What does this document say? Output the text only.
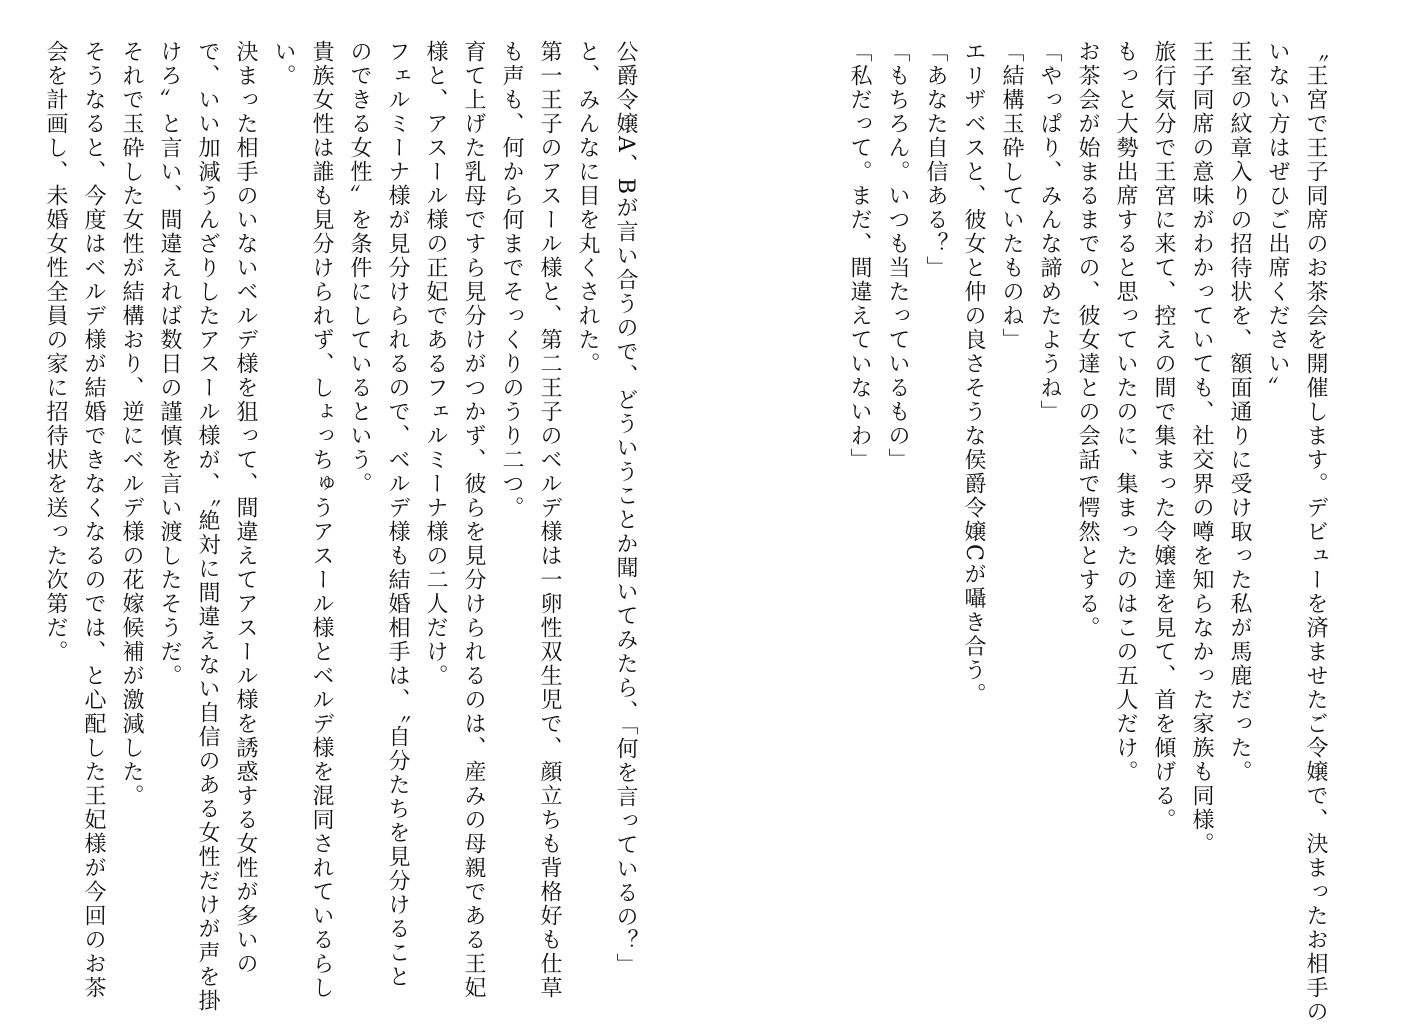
〝王宮で王子同席のお茶会を開催します。デビューを済ませたご令嬢で、決まったお相手の
いない方はぜひご出席ください〟
王室の紋章入りの招待状を、額面通りに受け取った私が馬鹿だった。
王子同席の意味がわかっていても、社交界の噂を知らなかった家族も同様。
旅行気分で王宮に来て、控えの間で集まった令嬢達を見て、首を傾げる。
もっと大勢出席すると思っていたのに、集まったのはこの五人だけ。
お茶会が始まるまでの、彼女達との会話で愕然とする。
「やっぱり、みんな諦めたようね」
「結構玉砕していたものね」
エリザベスと、彼女と仲の良さそうな侯爵令嬢Cが囁き合う。
「あなた自信ある？」
「もちろん。いつも当たっているもの」
「私だって。まだ、間違えていないわ」
公爵令嬢A、Bが言い合うので、どういうことか聞いてみたら、「何を言っているの？」
と、みんなに目を丸くされた。
第一王子のアスール様と、第二王子のベルデ様は一卵性双生児で、顔立ちも背格好も仕草
も声も、何から何までそっくりのうり二つ。
育て上げた乳母ですら見分けがつかず、彼らを見分けられるのは、産みの母親である王妃
様と、アスール様の正妃であるフェルミーナ様の二人だけ。
フェルミーナ様が見分けられるので、ベルデ様も結婚相手は、〝自分たちを見分けること
のできる女性〟を条件にしているという。
貴族女性は誰も見分けられず、しょっちゅうアスール様とベルデ様を混同されているらし
い。
決まった相手のいないベルデ様を狙って、間違えてアスール様を誘惑する女性が多いの
で、いい加減うんざりしたアスール様が、〝絶対に間違えない自信のある女性だけが声を掛
けろ〟と言い、間違えれば数日の謹慎を言い渡したそうだ。
それで玉砕した女性が結構おり、逆にベルデ様の花嫁候補が激減した。
そうなると、今度はベルデ様が結婚できなくなるのでは、と心配した王妃様が今回のお茶
会を計画し、未婚女性全員の家に招待状を送った次第だ。
